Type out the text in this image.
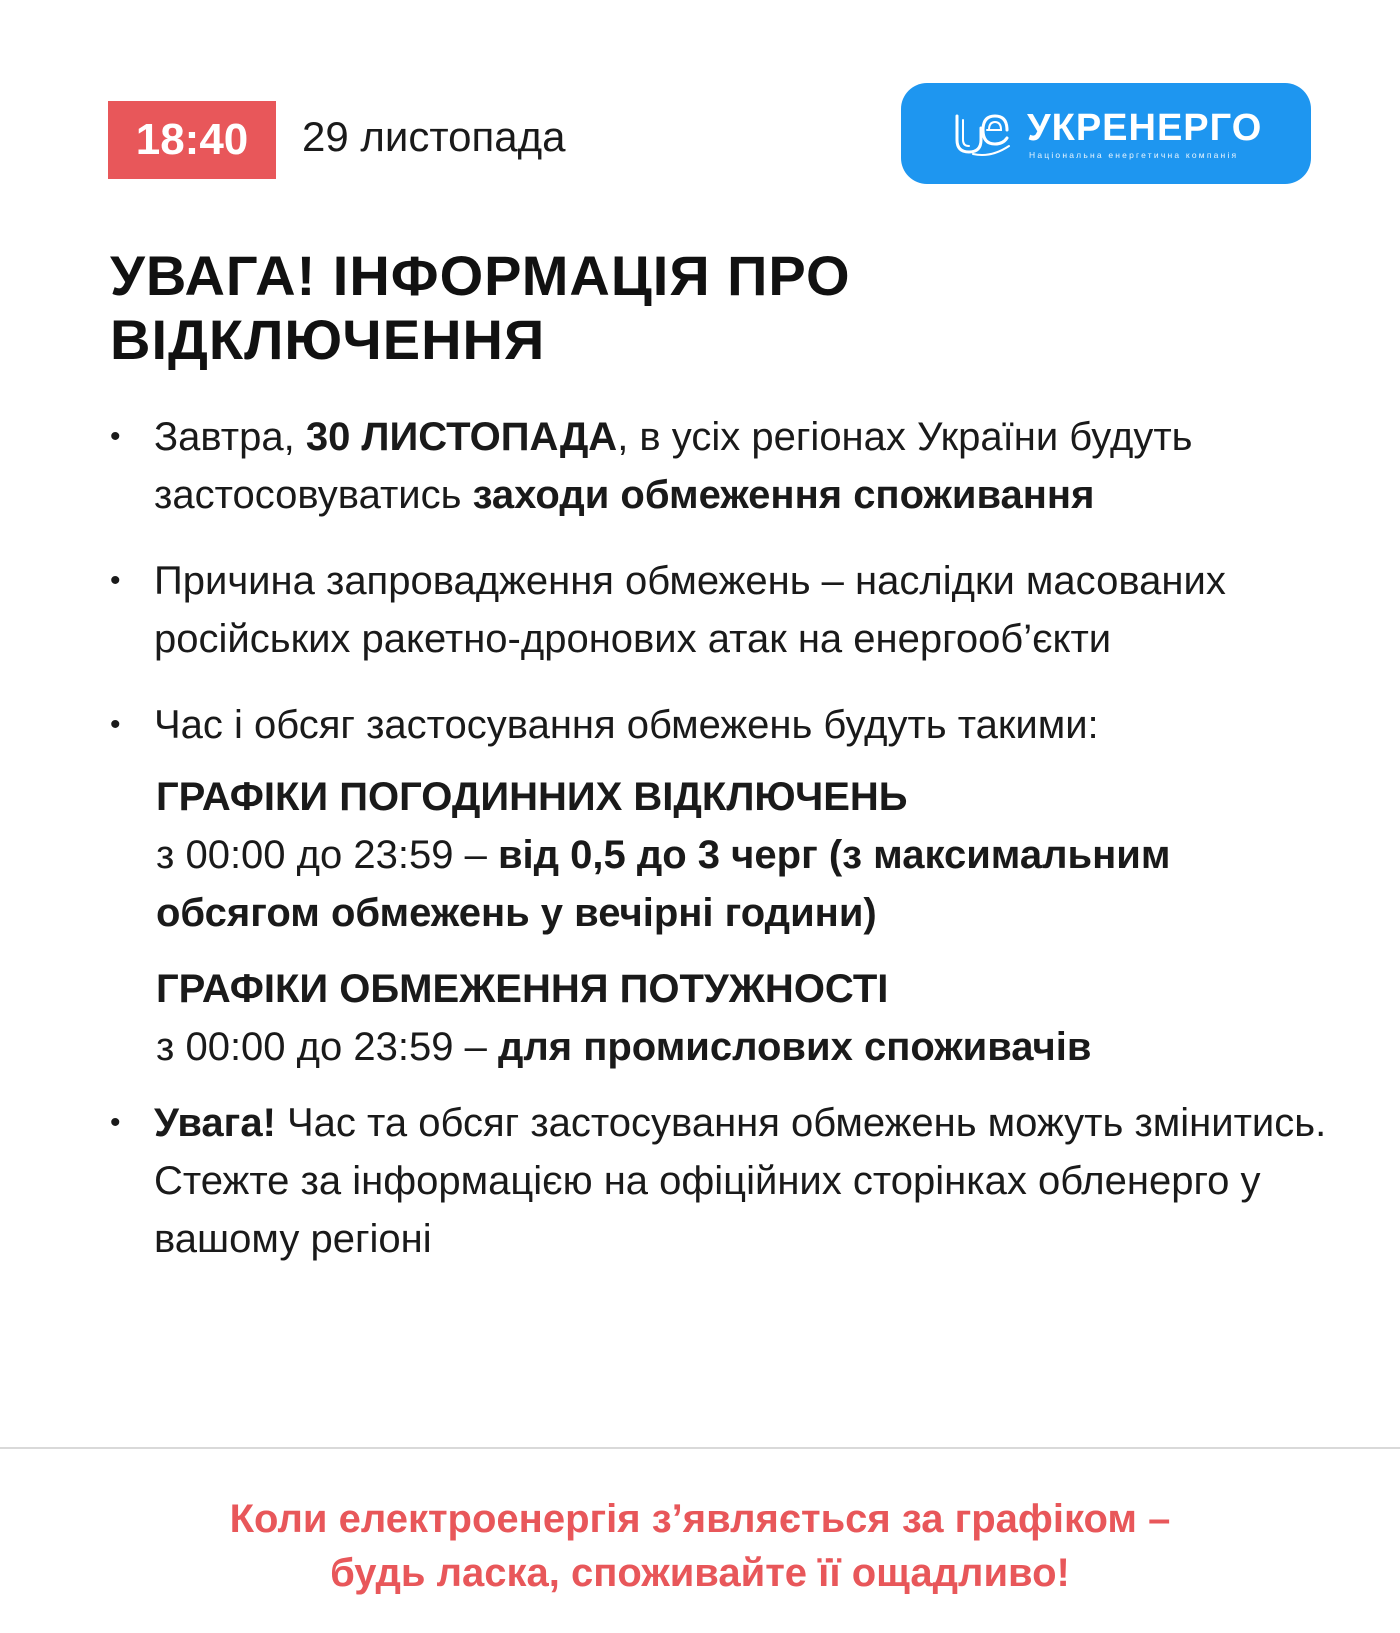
18:40	29 листопада	УКРЕНЕРГО
Національна енергетична компанія
УВАГА! ІНФОРМАЦІЯ ПРО
ВІДКЛЮЧЕННЯ
• Завтра, 30 ЛИСТОПАДА, в усіх регіонах України будуть застосовуватись заходи обмеження споживання
• Причина запровадження обмежень – наслідки масованих російських ракетно-дронових атак на енергооб’єкти
• Час і обсяг застосування обмежень будуть такими:
ГРАФІКИ ПОГОДИННИХ ВІДКЛЮЧЕНЬ
з 00:00 до 23:59 – від 0,5 до 3 черг (з максимальним обсягом обмежень у вечірні години)
ГРАФІКИ ОБМЕЖЕННЯ ПОТУЖНОСТІ
з 00:00 до 23:59 – для промислових споживачів
• Увага! Час та обсяг застосування обмежень можуть змінитись. Стежте за інформацією на офіційних сторінках обленерго у вашому регіоні
Коли електроенергія з’являється за графіком –
будь ласка, споживайте її ощадливо!
